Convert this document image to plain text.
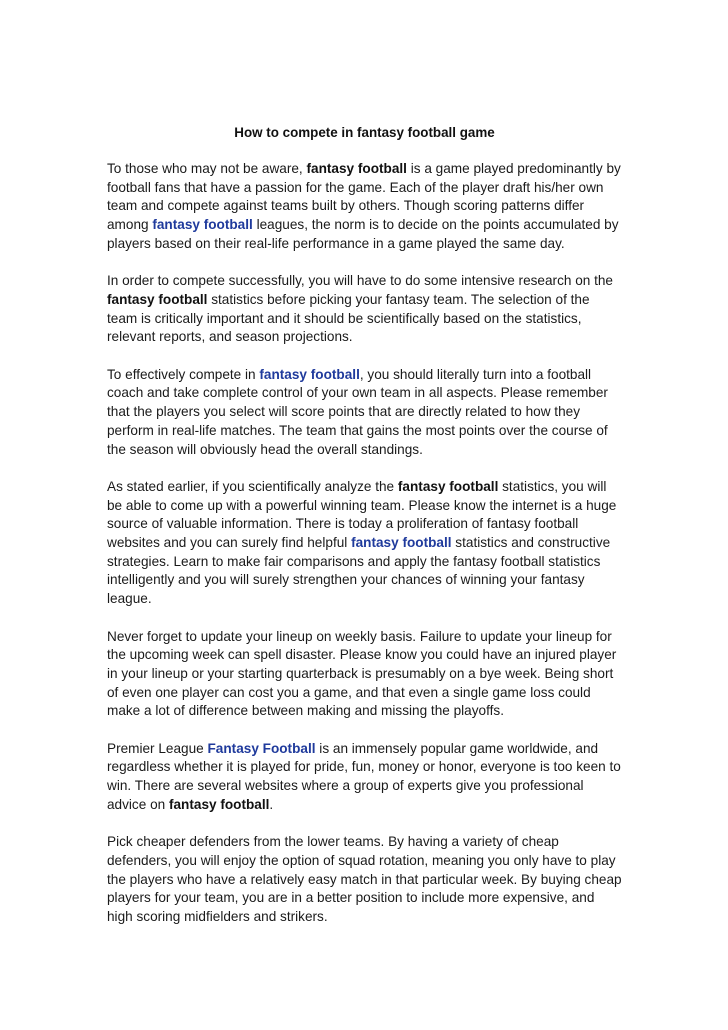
How to compete in fantasy football game

To those who may not be aware, fantasy football is a game played predominantly by football fans that have a passion for the game. Each of the player draft his/her own team and compete against teams built by others. Though scoring patterns differ among fantasy football leagues, the norm is to decide on the points accumulated by players based on their real-life performance in a game played the same day.

In order to compete successfully, you will have to do some intensive research on the fantasy football statistics before picking your fantasy team. The selection of the team is critically important and it should be scientifically based on the statistics, relevant reports, and season projections.

To effectively compete in fantasy football, you should literally turn into a football coach and take complete control of your own team in all aspects. Please remember that the players you select will score points that are directly related to how they perform in real-life matches. The team that gains the most points over the course of the season will obviously head the overall standings.

As stated earlier, if you scientifically analyze the fantasy football statistics, you will be able to come up with a powerful winning team. Please know the internet is a huge source of valuable information. There is today a proliferation of fantasy football websites and you can surely find helpful fantasy football statistics and constructive strategies. Learn to make fair comparisons and apply the fantasy football statistics intelligently and you will surely strengthen your chances of winning your fantasy league.

Never forget to update your lineup on weekly basis. Failure to update your lineup for the upcoming week can spell disaster. Please know you could have an injured player in your lineup or your starting quarterback is presumably on a bye week. Being short of even one player can cost you a game, and that even a single game loss could make a lot of difference between making and missing the playoffs.

Premier League Fantasy Football is an immensely popular game worldwide, and regardless whether it is played for pride, fun, money or honor, everyone is too keen to win. There are several websites where a group of experts give you professional advice on fantasy football.

Pick cheaper defenders from the lower teams. By having a variety of cheap defenders, you will enjoy the option of squad rotation, meaning you only have to play the players who have a relatively easy match in that particular week. By buying cheap players for your team, you are in a better position to include more expensive, and high scoring midfielders and strikers.
